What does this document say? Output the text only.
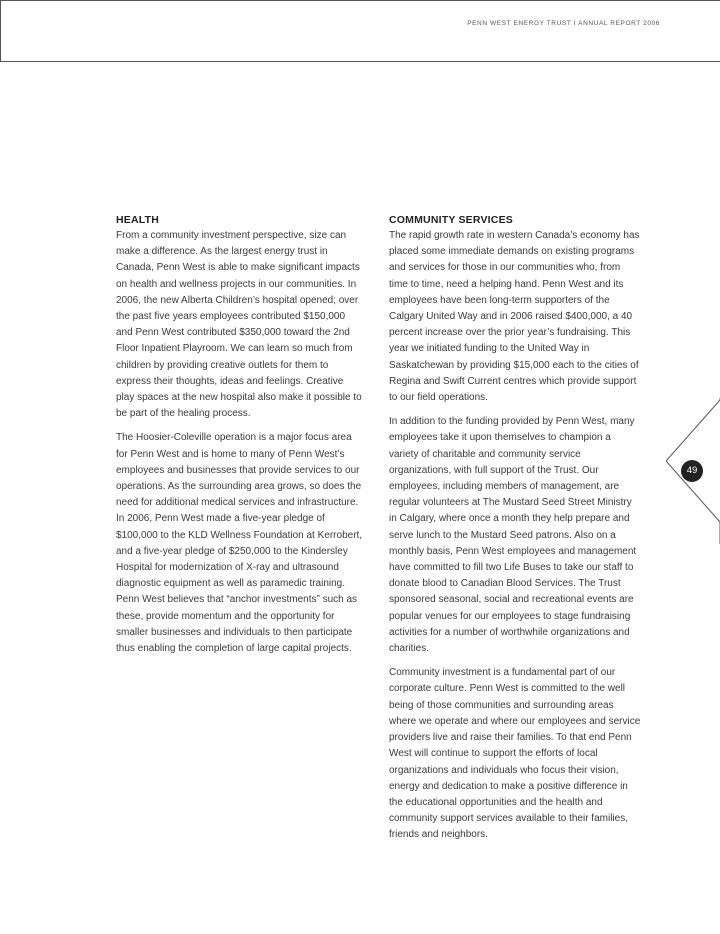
PENN WEST ENERGY TRUST I ANNUAL REPORT 2006
49
HEALTH

From a community investment perspective, size can make a difference. As the largest energy trust in Canada, Penn West is able to make significant impacts on health and wellness projects in our communities. In 2006, the new Alberta Children’s hospital opened; over the past five years employees contributed $150,000 and Penn West contributed $350,000 toward the 2nd Floor Inpatient Playroom. We can learn so much from children by providing creative outlets for them to express their thoughts, ideas and feelings. Creative play spaces at the new hospital also make it possible to be part of the healing process.

The Hoosier-Coleville operation is a major focus area for Penn West and is home to many of Penn West’s employees and businesses that provide services to our operations. As the surrounding area grows, so does the need for additional medical services and infrastructure. In 2006, Penn West made a five-year pledge of $100,000 to the KLD Wellness Foundation at Kerrobert, and a five-year pledge of $250,000 to the Kindersley Hospital for modernization of X-ray and ultrasound diagnostic equipment as well as paramedic training. Penn West believes that “anchor investments” such as these, provide momentum and the opportunity for smaller businesses and individuals to then participate thus enabling the completion of large capital projects.

COMMUNITY SERVICES

The rapid growth rate in western Canada’s economy has placed some immediate demands on existing programs and services for those in our communities who, from time to time, need a helping hand. Penn West and its employees have been long-term supporters of the Calgary United Way and in 2006 raised $400,000, a 40 percent increase over the prior year’s fundraising. This year we initiated funding to the United Way in Saskatchewan by providing $15,000 each to the cities of Regina and Swift Current centres which provide support to our field operations.

In addition to the funding provided by Penn West, many employees take it upon themselves to champion a variety of charitable and community service organizations, with full support of the Trust. Our employees, including members of management, are regular volunteers at The Mustard Seed Street Ministry in Calgary, where once a month they help prepare and serve lunch to the Mustard Seed patrons. Also on a monthly basis, Penn West employees and management have committed to fill two Life Buses to take our staff to donate blood to Canadian Blood Services. The Trust sponsored seasonal, social and recreational events are popular venues for our employees to stage fundraising activities for a number of worthwhile organizations and charities.

Community investment is a fundamental part of our corporate culture. Penn West is committed to the well being of those communities and surrounding areas where we operate and where our employees and service providers live and raise their families. To that end Penn West will continue to support the efforts of local organizations and individuals who focus their vision, energy and dedication to make a positive difference in the educational opportunities and the health and community support services available to their families, friends and neighbors.
